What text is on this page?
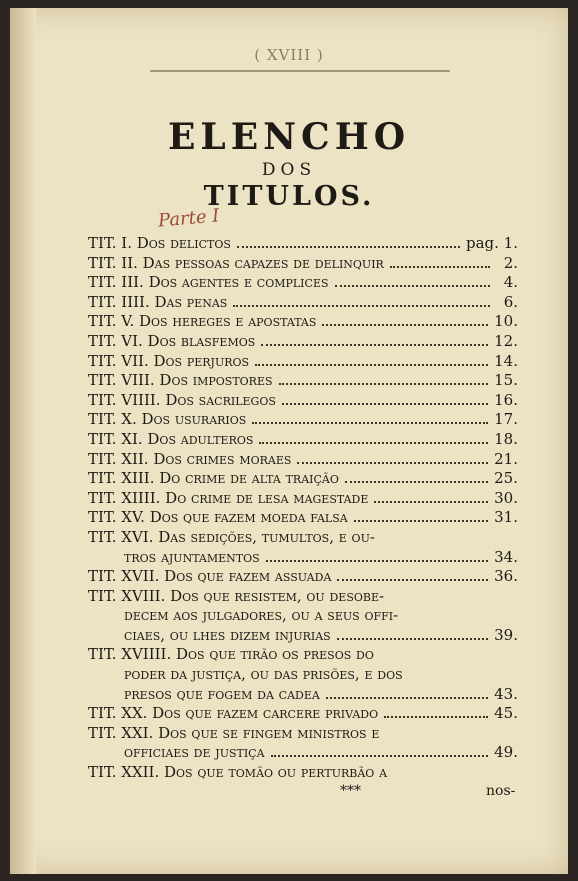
( XVIII )
ELENCHO
DOS
TITULOS.
Parte I
TIT. I. Dos delictos	pag. 1.
TIT. II. Das pessoas capazes de delinquir	2.
TIT. III. Dos agentes e complices	4.
TIT. IIII. Das penas	6.
TIT. V. Dos hereges e apostatas	10.
TIT. VI. Dos blasfemos	12.
TIT. VII. Dos perjuros	14.
TIT. VIII. Dos impostores	15.
TIT. VIIII. Dos sacrilegos	16.
TIT. X. Dos usurarios	17.
TIT. XI. Dos adulteros	18.
TIT. XII. Dos crimes moraes	21.
TIT. XIII. Do crime de alta traição	25.
TIT. XIIII. Do crime de lesa magestade	30.
TIT. XV. Dos que fazem moeda falsa	31.
TIT. XVI. Das sedições, tumultos, e ou-
tros ajuntamentos	34.
TIT. XVII. Dos que fazem assuada	36.
TIT. XVIII. Dos que resistem, ou desobe-
decem aos julgadores, ou a seus offi-
ciaes, ou lhes dizem injurias	39.
TIT. XVIIII. Dos que tirão os presos do
poder da justiça, ou das prisões, e dos
presos que fogem da cadea	43.
TIT. XX. Dos que fazem carcere privado	45.
TIT. XXI. Dos que se fingem ministros e
officiaes de justiça	49.
TIT. XXII. Dos que tomão ou perturbão a
***	nos-
